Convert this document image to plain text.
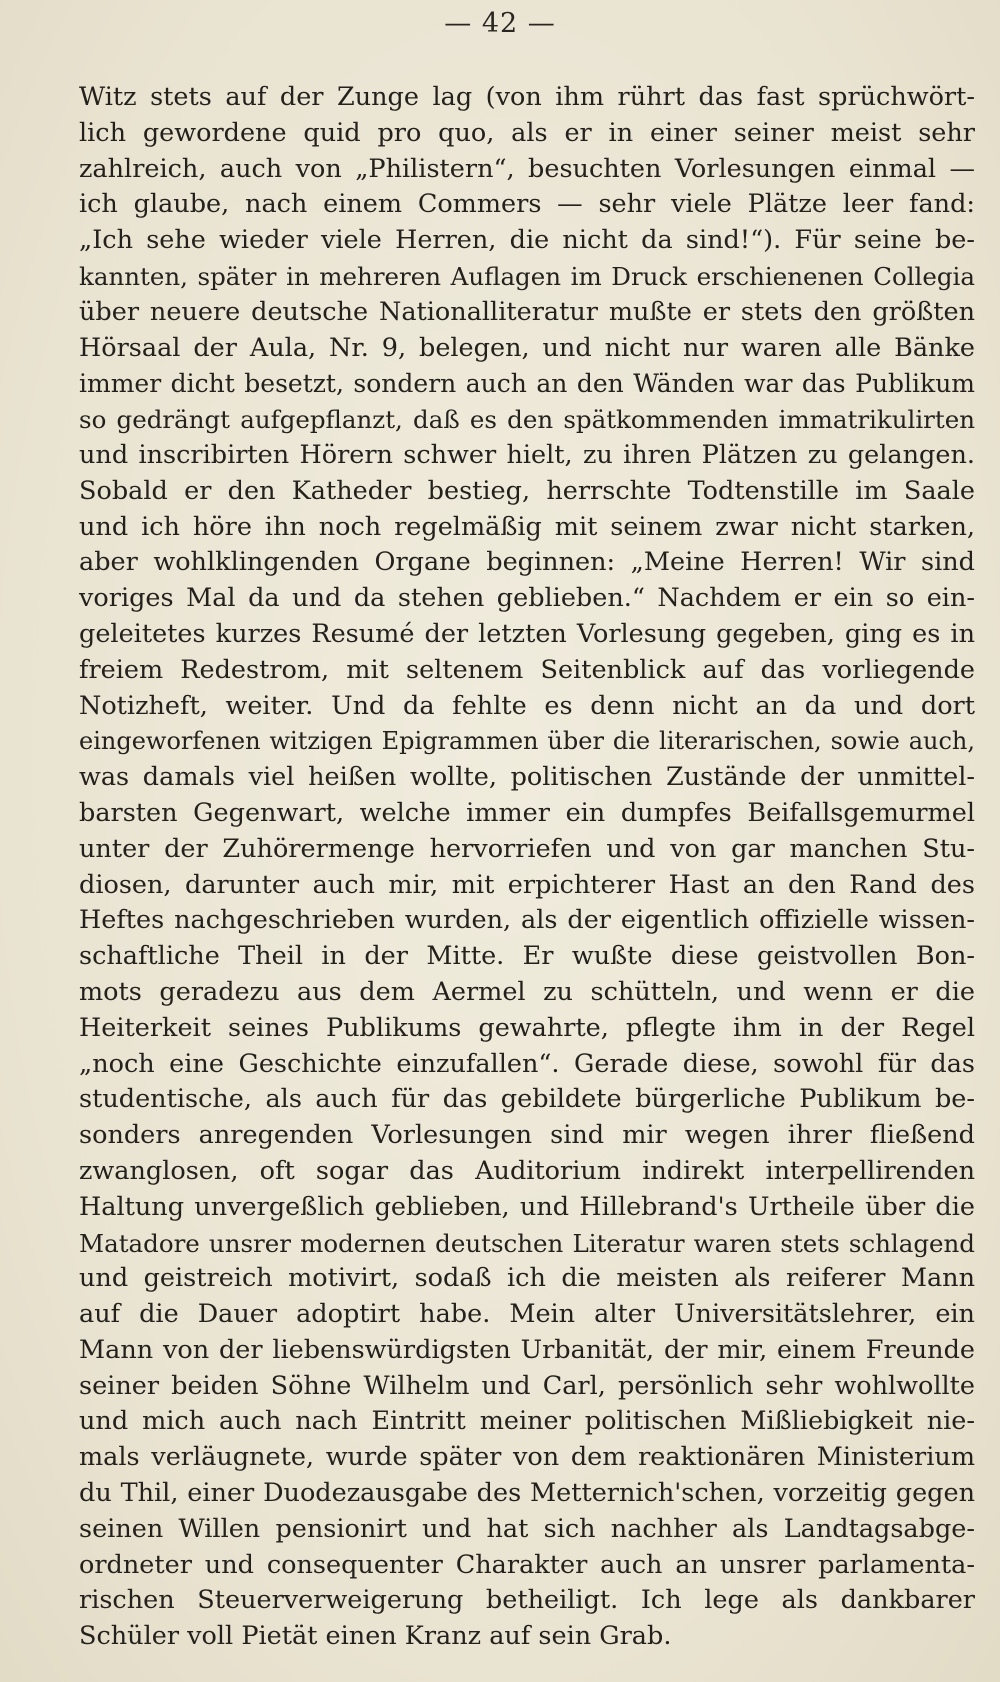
— 42 —
Witz stets auf der Zunge lag (von ihm rührt das fast sprüchwört-
lich gewordene quid pro quo, als er in einer seiner meist sehr
zahlreich, auch von „Philistern“, besuchten Vorlesungen einmal —
ich glaube, nach einem Commers — sehr viele Plätze leer fand:
„Ich sehe wieder viele Herren, die nicht da sind!“). Für seine be-
kannten, später in mehreren Auflagen im Druck erschienenen Collegia
über neuere deutsche Nationalliteratur mußte er stets den größten
Hörsaal der Aula, Nr. 9, belegen, und nicht nur waren alle Bänke
immer dicht besetzt, sondern auch an den Wänden war das Publikum
so gedrängt aufgepflanzt, daß es den spätkommenden immatrikulirten
und inscribirten Hörern schwer hielt, zu ihren Plätzen zu gelangen.
Sobald er den Katheder bestieg, herrschte Todtenstille im Saale
und ich höre ihn noch regelmäßig mit seinem zwar nicht starken,
aber wohlklingenden Organe beginnen: „Meine Herren! Wir sind
voriges Mal da und da stehen geblieben.“ Nachdem er ein so ein-
geleitetes kurzes Resumé der letzten Vorlesung gegeben, ging es in
freiem Redestrom, mit seltenem Seitenblick auf das vorliegende
Notizheft, weiter. Und da fehlte es denn nicht an da und dort
eingeworfenen witzigen Epigrammen über die literarischen, sowie auch,
was damals viel heißen wollte, politischen Zustände der unmittel-
barsten Gegenwart, welche immer ein dumpfes Beifallsgemurmel
unter der Zuhörermenge hervorriefen und von gar manchen Stu-
diosen, darunter auch mir, mit erpichterer Hast an den Rand des
Heftes nachgeschrieben wurden, als der eigentlich offizielle wissen-
schaftliche Theil in der Mitte. Er wußte diese geistvollen Bon-
mots geradezu aus dem Aermel zu schütteln, und wenn er die
Heiterkeit seines Publikums gewahrte, pflegte ihm in der Regel
„noch eine Geschichte einzufallen“. Gerade diese, sowohl für das
studentische, als auch für das gebildete bürgerliche Publikum be-
sonders anregenden Vorlesungen sind mir wegen ihrer fließend
zwanglosen, oft sogar das Auditorium indirekt interpellirenden
Haltung unvergeßlich geblieben, und Hillebrand's Urtheile über die
Matadore unsrer modernen deutschen Literatur waren stets schlagend
und geistreich motivirt, sodaß ich die meisten als reiferer Mann
auf die Dauer adoptirt habe. Mein alter Universitätslehrer, ein
Mann von der liebenswürdigsten Urbanität, der mir, einem Freunde
seiner beiden Söhne Wilhelm und Carl, persönlich sehr wohlwollte
und mich auch nach Eintritt meiner politischen Mißliebigkeit nie-
mals verläugnete, wurde später von dem reaktionären Ministerium
du Thil, einer Duodezausgabe des Metternich'schen, vorzeitig gegen
seinen Willen pensionirt und hat sich nachher als Landtagsabge-
ordneter und consequenter Charakter auch an unsrer parlamenta-
rischen Steuerverweigerung betheiligt. Ich lege als dankbarer
Schüler voll Pietät einen Kranz auf sein Grab.
